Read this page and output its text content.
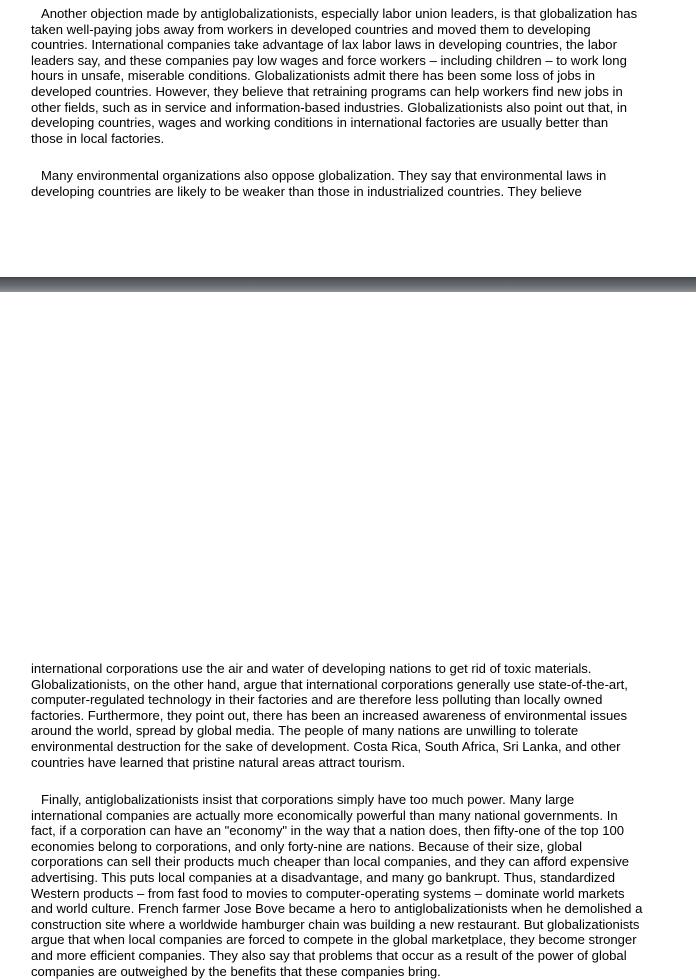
Another objection made by antiglobalizationists, especially labor union leaders, is that globalization has
taken well-paying jobs away from workers in developed countries and moved them to developing
countries. International companies take advantage of lax labor laws in developing countries, the labor
leaders say, and these companies pay low wages and force workers – including children – to work long
hours in unsafe, miserable conditions. Globalizationists admit there has been some loss of jobs in
developed countries. However, they believe that retraining programs can help workers find new jobs in
other fields, such as in service and information-based industries. Globalizationists also point out that, in
developing countries, wages and working conditions in international factories are usually better than
those in local factories.
Many environmental organizations also oppose globalization. They say that environmental laws in
developing countries are likely to be weaker than those in industrialized countries. They believe
international corporations use the air and water of developing nations to get rid of toxic materials.
Globalizationists, on the other hand, argue that international corporations generally use state-of-the-art,
computer-regulated technology in their factories and are therefore less polluting than locally owned
factories. Furthermore, they point out, there has been an increased awareness of environmental issues
around the world, spread by global media. The people of many nations are unwilling to tolerate
environmental destruction for the sake of development. Costa Rica, South Africa, Sri Lanka, and other
countries have learned that pristine natural areas attract tourism.
Finally, antiglobalizationists insist that corporations simply have too much power. Many large
international companies are actually more economically powerful than many national governments. In
fact, if a corporation can have an "economy" in the way that a nation does, then fifty-one of the top 100
economies belong to corporations, and only forty-nine are nations. Because of their size, global
corporations can sell their products much cheaper than local companies, and they can afford expensive
advertising. This puts local companies at a disadvantage, and many go bankrupt. Thus, standardized
Western products – from fast food to movies to computer-operating systems – dominate world markets
and world culture. French farmer Jose Bove became a hero to antiglobalizationists when he demolished a
construction site where a worldwide hamburger chain was building a new restaurant. But globalizationists
argue that when local companies are forced to compete in the global marketplace, they become stronger
and more efficient companies. They also say that problems that occur as a result of the power of global
companies are outweighed by the benefits that these companies bring.
